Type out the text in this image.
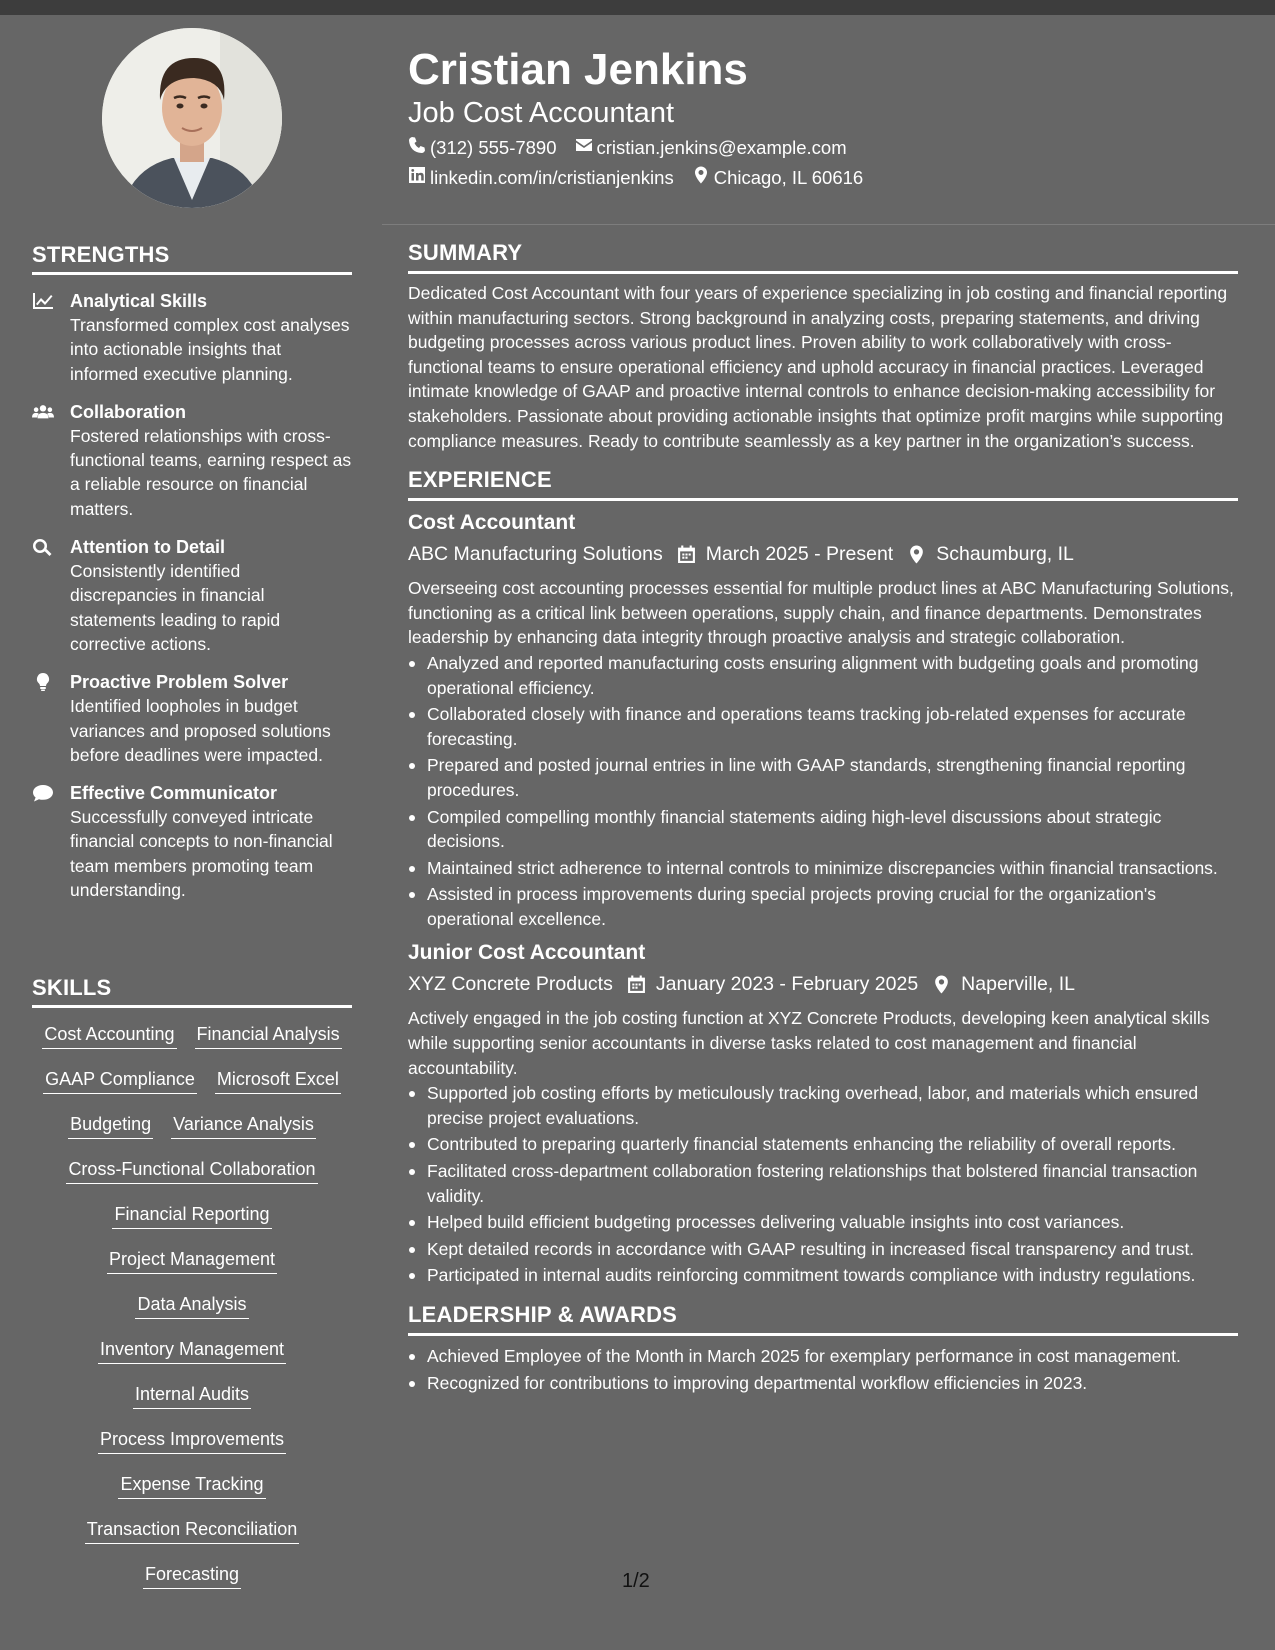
STRENGTHS
Analytical Skills
Transformed complex cost analyses into actionable insights that informed executive planning.
Collaboration
Fostered relationships with cross-functional teams, earning respect as a reliable resource on financial matters.
Attention to Detail
Consistently identified discrepancies in financial statements leading to rapid corrective actions.
Proactive Problem Solver
Identified loopholes in budget variances and proposed solutions before deadlines were impacted.
Effective Communicator
Successfully conveyed intricate financial concepts to non-financial team members promoting team understanding.
SKILLS
Cost Accounting Financial Analysis
GAAP Compliance Microsoft Excel
Budgeting Variance Analysis
Cross-Functional Collaboration
Financial Reporting
Project Management
Data Analysis
Inventory Management
Internal Audits
Process Improvements
Expense Tracking
Transaction Reconciliation
Forecasting
Cristian Jenkins
Job Cost Accountant
(312) 555-7890 cristian.jenkins@example.com
linkedin.com/in/cristianjenkins Chicago, IL 60616
SUMMARY
Dedicated Cost Accountant with four years of experience specializing in job costing and financial reporting within manufacturing sectors. Strong background in analyzing costs, preparing statements, and driving budgeting processes across various product lines. Proven ability to work collaboratively with cross-functional teams to ensure operational efficiency and uphold accuracy in financial practices. Leveraged intimate knowledge of GAAP and proactive internal controls to enhance decision-making accessibility for stakeholders. Passionate about providing actionable insights that optimize profit margins while supporting compliance measures. Ready to contribute seamlessly as a key partner in the organization’s success.
EXPERIENCE
Cost Accountant
ABC Manufacturing Solutions March 2025 - Present Schaumburg, IL
Overseeing cost accounting processes essential for multiple product lines at ABC Manufacturing Solutions, functioning as a critical link between operations, supply chain, and finance departments. Demonstrates leadership by enhancing data integrity through proactive analysis and strategic collaboration.
Analyzed and reported manufacturing costs ensuring alignment with budgeting goals and promoting operational efficiency.
Collaborated closely with finance and operations teams tracking job-related expenses for accurate forecasting.
Prepared and posted journal entries in line with GAAP standards, strengthening financial reporting procedures.
Compiled compelling monthly financial statements aiding high-level discussions about strategic decisions.
Maintained strict adherence to internal controls to minimize discrepancies within financial transactions.
Assisted in process improvements during special projects proving crucial for the organization's operational excellence.
Junior Cost Accountant
XYZ Concrete Products January 2023 - February 2025 Naperville, IL
Actively engaged in the job costing function at XYZ Concrete Products, developing keen analytical skills while supporting senior accountants in diverse tasks related to cost management and financial accountability.
Supported job costing efforts by meticulously tracking overhead, labor, and materials which ensured precise project evaluations.
Contributed to preparing quarterly financial statements enhancing the reliability of overall reports.
Facilitated cross-department collaboration fostering relationships that bolstered financial transaction validity.
Helped build efficient budgeting processes delivering valuable insights into cost variances.
Kept detailed records in accordance with GAAP resulting in increased fiscal transparency and trust.
Participated in internal audits reinforcing commitment towards compliance with industry regulations.
LEADERSHIP & AWARDS
Achieved Employee of the Month in March 2025 for exemplary performance in cost management.
Recognized for contributions to improving departmental workflow efficiencies in 2023.
1/2
